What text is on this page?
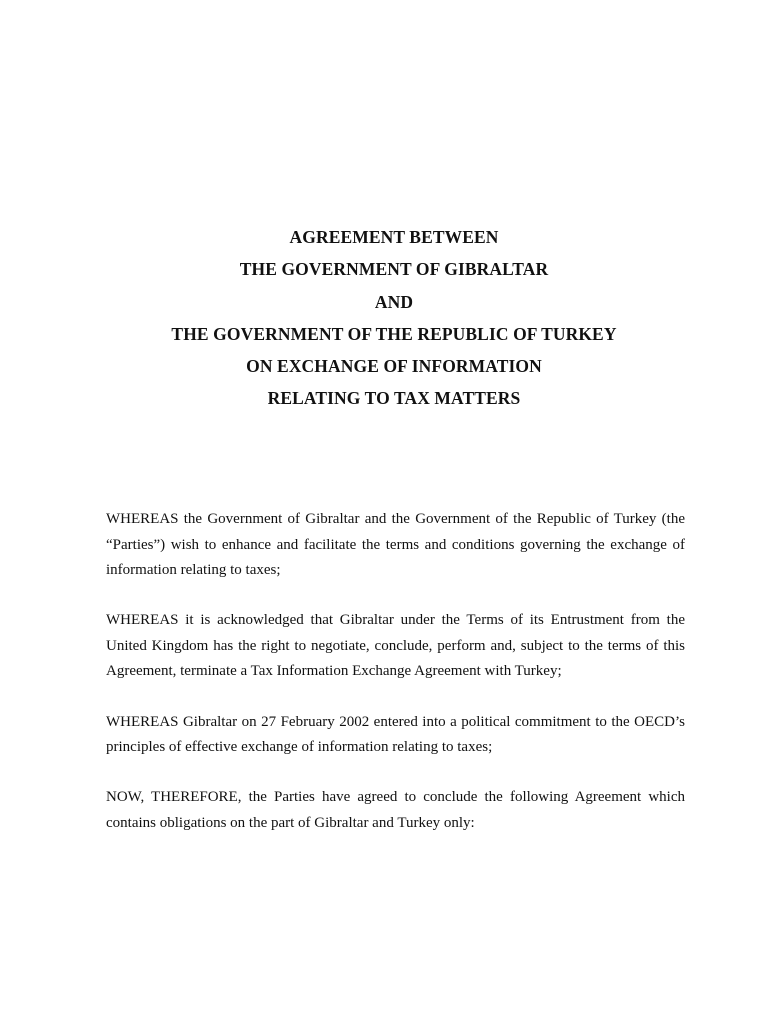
AGREEMENT BETWEEN
THE GOVERNMENT OF GIBRALTAR
AND
THE GOVERNMENT OF THE REPUBLIC OF TURKEY
ON EXCHANGE OF INFORMATION
RELATING TO TAX MATTERS

WHEREAS the Government of Gibraltar and the Government of the Republic of Turkey (the “Parties”) wish to enhance and facilitate the terms and conditions governing the exchange of information relating to taxes;

WHEREAS it is acknowledged that Gibraltar under the Terms of its Entrustment from the United Kingdom has the right to negotiate, conclude, perform and, subject to the terms of this Agreement, terminate a Tax Information Exchange Agreement with Turkey;

WHEREAS Gibraltar on 27 February 2002 entered into a political commitment to the OECD’s principles of effective exchange of information relating to taxes;

NOW, THEREFORE, the Parties have agreed to conclude the following Agreement which contains obligations on the part of Gibraltar and Turkey only:
